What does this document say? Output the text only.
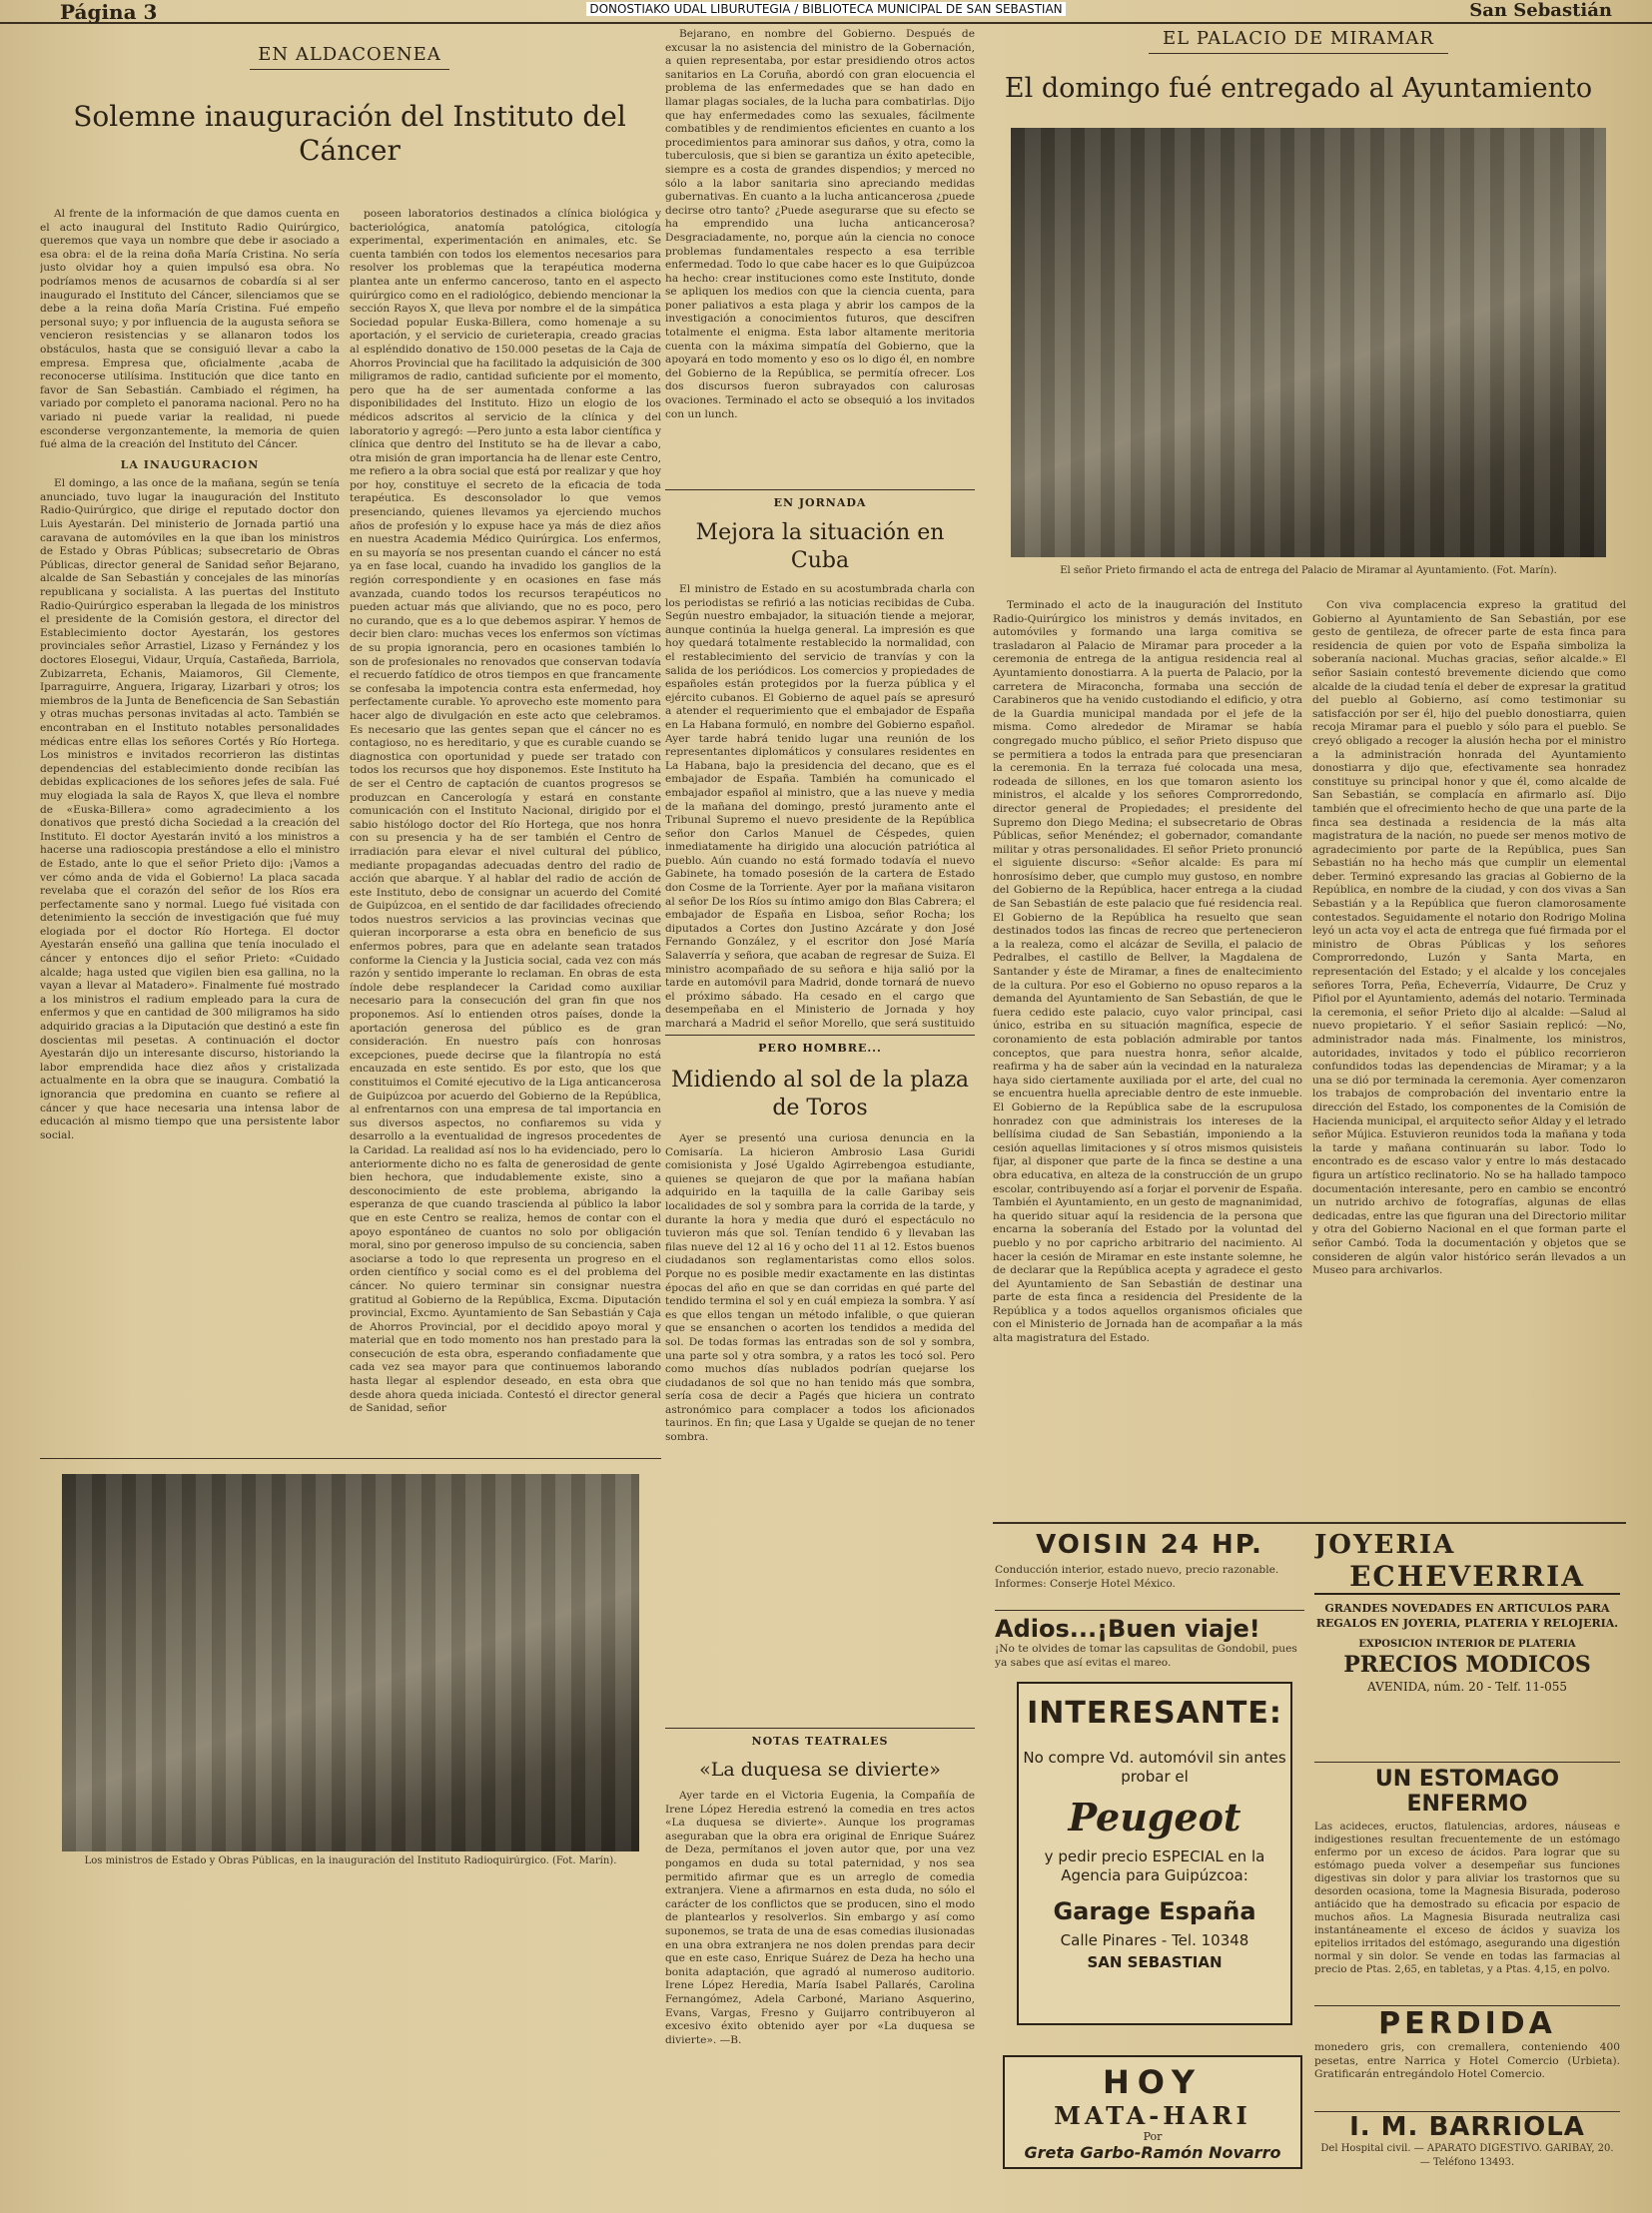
Página 3	DONOSTIAKO UDAL LIBURUTEGIA / BIBLIOTECA MUNICIPAL DE SAN SEBASTIAN	San Sebastián
EN ALDACOENEA
Solemne inauguración del Instituto del Cáncer

Al frente de la información de que damos cuenta en el acto inaugural del Instituto Radio Quirúrgico, queremos que vaya un nombre que debe ir asociado a esa obra: el de la reina doña María Cristina. No sería justo olvidar hoy a quien impulsó esa obra. No podríamos menos de acusarnos de cobardía si al ser inaugurado el Instituto del Cáncer, silenciamos que se debe a la reina doña María Cristina. Fué empeño personal suyo; y por influencia de la augusta señora se vencieron resistencias y se allanaron todos los obstáculos, hasta que se consiguió llevar a cabo la empresa. Empresa que, oficialmente ,acaba de reconocerse utilísima. Institución que dice tanto en favor de San Sebastián. Cambiado el régimen, ha variado por completo el panorama nacional. Pero no ha variado ni puede variar la realidad, ni puede esconderse vergonzantemente, la memoria de quien fué alma de la creación del Instituto del Cáncer.

LA INAUGURACION

El domingo, a las once de la mañana, según se tenía anunciado, tuvo lugar la inauguración del Instituto Radio-Quirúrgico, que dirige el reputado doctor don Luis Ayestarán. Del ministerio de Jornada partió una caravana de automóviles en la que iban los ministros de Estado y Obras Públicas; subsecretario de Obras Públicas, director general de Sanidad señor Bejarano, alcalde de San Sebastián y concejales de las minorías republicana y socialista. A las puertas del Instituto Radio-Quirúrgico esperaban la llegada de los ministros el presidente de la Comisión gestora, el director del Establecimiento doctor Ayestarán, los gestores provinciales señor Arrastiel, Lizaso y Fernández y los doctores Elosegui, Vidaur, Urquía, Castañeda, Barriola, Zubizarreta, Echanis, Maiamoros, Gil Clemente, Iparraguirre, Anguera, Irigaray, Lizarbari y otros; los miembros de la Junta de Beneficencia de San Sebastián y otras muchas personas invitadas al acto. También se encontraban en el Instituto notables personalidades médicas entre ellas los señores Cortés y Río Hortega. Los ministros e invitados recorrieron las distintas dependencias del establecimiento donde recibían las debidas explicaciones de los señores jefes de sala. Fué muy elogiada la sala de Rayos X, que lleva el nombre de «Euska-Billera» como agradecimiento a los donativos que prestó dicha Sociedad a la creación del Instituto. El doctor Ayestarán invitó a los ministros a hacerse una radioscopia prestándose a ello el ministro de Estado, ante lo que el señor Prieto dijo: ¡Vamos a ver cómo anda de vida el Gobierno! La placa sacada revelaba que el corazón del señor de los Ríos era perfectamente sano y normal. Luego fué visitada con detenimiento la sección de investigación que fué muy elogiada por el doctor Río Hortega. El doctor Ayestarán enseñó una gallina que tenía inoculado el cáncer y entonces dijo el señor Prieto: «Cuidado alcalde; haga usted que vigilen bien esa gallina, no la vayan a llevar al Matadero». Finalmente fué mostrado a los ministros el radium empleado para la cura de enfermos y que en cantidad de 300 miligramos ha sido adquirido gracias a la Diputación que destinó a este fin doscientas mil pesetas. A continuación el doctor Ayestarán dijo un interesante discurso, historiando la labor emprendida hace diez años y cristalizada actualmente en la obra que se inaugura. Combatió la ignorancia que predomina en cuanto se refiere al cáncer y que hace necesaria una intensa labor de educación al mismo tiempo que una persistente labor social.

poseen laboratorios destinados a clínica biológica y bacteriológica, anatomía patológica, citología experimental, experimentación en animales, etc. Se cuenta también con todos los elementos necesarios para resolver los problemas que la terapéutica moderna plantea ante un enfermo canceroso, tanto en el aspecto quirúrgico como en el radiológico, debiendo mencionar la sección Rayos X, que lleva por nombre el de la simpática Sociedad popular Euska-Billera, como homenaje a su aportación, y el servicio de curieterapia, creado gracias al espléndido donativo de 150.000 pesetas de la Caja de Ahorros Provincial que ha facilitado la adquisición de 300 miligramos de radio, cantidad suficiente por el momento, pero que ha de ser aumentada conforme a las disponibilidades del Instituto. Hizo un elogio de los médicos adscritos al servicio de la clínica y del laboratorio y agregó: —Pero junto a esta labor científica y clínica que dentro del Instituto se ha de llevar a cabo, otra misión de gran importancia ha de llenar este Centro, me refiero a la obra social que está por realizar y que hoy por hoy, constituye el secreto de la eficacia de toda terapéutica. Es desconsolador lo que vemos presenciando, quienes llevamos ya ejerciendo muchos años de profesión y lo expuse hace ya más de diez años en nuestra Academia Médico Quirúrgica. Los enfermos, en su mayoría se nos presentan cuando el cáncer no está ya en fase local, cuando ha invadido los ganglios de la región correspondiente y en ocasiones en fase más avanzada, cuando todos los recursos terapéuticos no pueden actuar más que aliviando, que no es poco, pero no curando, que es a lo que debemos aspirar. Y hemos de decir bien claro: muchas veces los enfermos son víctimas de su propia ignorancia, pero en ocasiones también lo son de profesionales no renovados que conservan todavía el recuerdo fatídico de otros tiempos en que francamente se confesaba la impotencia contra esta enfermedad, hoy perfectamente curable. Yo aprovecho este momento para hacer algo de divulgación en este acto que celebramos. Es necesario que las gentes sepan que el cáncer no es contagioso, no es hereditario, y que es curable cuando se diagnostica con oportunidad y puede ser tratado con todos los recursos que hoy disponemos. Este Instituto ha de ser el Centro de captación de cuantos progresos se produzcan en Cancerología y estará en constante comunicación con el Instituto Nacional, dirigido por el sabio histólogo doctor del Río Hortega, que nos honra con su presencia y ha de ser también el Centro de irradiación para elevar el nivel cultural del público, mediante propagandas adecuadas dentro del radio de acción que abarque. Y al hablar del radio de acción de este Instituto, debo de consignar un acuerdo del Comité de Guipúzcoa, en el sentido de dar facilidades ofreciendo todos nuestros servicios a las provincias vecinas que quieran incorporarse a esta obra en beneficio de sus enfermos pobres, para que en adelante sean tratados conforme la Ciencia y la Justicia social, cada vez con más razón y sentido imperante lo reclaman. En obras de esta índole debe resplandecer la Caridad como auxiliar necesario para la consecución del gran fin que nos proponemos. Así lo entienden otros países, donde la aportación generosa del público es de gran consideración. En nuestro país con honrosas excepciones, puede decirse que la filantropía no está encauzada en este sentido. Es por esto, que los que constituimos el Comité ejecutivo de la Liga anticancerosa de Guipúzcoa por acuerdo del Gobierno de la República, al enfrentarnos con una empresa de tal importancia en sus diversos aspectos, no confiaremos su vida y desarrollo a la eventualidad de ingresos procedentes de la Caridad. La realidad así nos lo ha evidenciado, pero lo anteriormente dicho no es falta de generosidad de gente bien hechora, que indudablemente existe, sino a desconocimiento de este problema, abrigando la esperanza de que cuando trascienda al público la labor que en este Centro se realiza, hemos de contar con el apoyo espontáneo de cuantos no solo por obligación moral, sino por generoso impulso de su conciencia, saben asociarse a todo lo que representa un progreso en el orden científico y social como es el del problema del cáncer. No quiero terminar sin consignar nuestra gratitud al Gobierno de la República, Excma. Diputación provincial, Excmo. Ayuntamiento de San Sebastián y Caja de Ahorros Provincial, por el decidido apoyo moral y material que en todo momento nos han prestado para la consecución de esta obra, esperando confiadamente que cada vez sea mayor para que continuemos laborando hasta llegar al esplendor deseado, en esta obra que desde ahora queda iniciada. Contestó el director general de Sanidad, señor

Los ministros de Estado y Obras Públicas, en la inauguración del Instituto Radioquirúrgico. (Fot. Marín).

Bejarano, en nombre del Gobierno. Después de excusar la no asistencia del ministro de la Gobernación, a quien representaba, por estar presidiendo otros actos sanitarios en La Coruña, abordó con gran elocuencia el problema de las enfermedades que se han dado en llamar plagas sociales, de la lucha para combatirlas. Dijo que hay enfermedades como las sexuales, fácilmente combatibles y de rendimientos eficientes en cuanto a los procedimientos para aminorar sus daños, y otra, como la tuberculosis, que si bien se garantiza un éxito apetecible, siempre es a costa de grandes dispendios; y merced no sólo a la labor sanitaria sino apreciando medidas gubernativas. En cuanto a la lucha anticancerosa ¿puede decirse otro tanto? ¿Puede asegurarse que su efecto se ha emprendido una lucha anticancerosa? Desgraciadamente, no, porque aún la ciencia no conoce problemas fundamentales respecto a esa terrible enfermedad. Todo lo que cabe hacer es lo que Guipúzcoa ha hecho: crear instituciones como este Instituto, donde se apliquen los medios con que la ciencia cuenta, para poner paliativos a esta plaga y abrir los campos de la investigación a conocimientos futuros, que descifren totalmente el enigma. Esta labor altamente meritoria cuenta con la máxima simpatía del Gobierno, que la apoyará en todo momento y eso os lo digo él, en nombre del Gobierno de la República, se permitía ofrecer. Los dos discursos fueron subrayados con calurosas ovaciones. Terminado el acto se obsequió a los invitados con un lunch.

EN JORNADA
Mejora la situación en Cuba

El ministro de Estado en su acostumbrada charla con los periodistas se refirió a las noticias recibidas de Cuba. Según nuestro embajador, la situación tiende a mejorar, aunque continúa la huelga general. La impresión es que hoy quedará totalmente restablecido la normalidad, con el restablecimiento del servicio de tranvías y con la salida de los periódicos. Los comercios y propiedades de españoles están protegidos por la fuerza pública y el ejército cubanos. El Gobierno de aquel país se apresuró a atender el requerimiento que el embajador de España en La Habana formuló, en nombre del Gobierno español. Ayer tarde habrá tenido lugar una reunión de los representantes diplomáticos y consulares residentes en La Habana, bajo la presidencia del decano, que es el embajador de España. También ha comunicado el embajador español al ministro, que a las nueve y media de la mañana del domingo, prestó juramento ante el Tribunal Supremo el nuevo presidente de la República señor don Carlos Manuel de Céspedes, quien inmediatamente ha dirigido una alocución patriótica al pueblo. Aún cuando no está formado todavía el nuevo Gabinete, ha tomado posesión de la cartera de Estado don Cosme de la Torriente. Ayer por la mañana visitaron al señor De los Ríos su íntimo amigo don Blas Cabrera; el embajador de España en Lisboa, señor Rocha; los diputados a Cortes don Justino Azcárate y don José Fernando González, y el escritor don José María Salaverría y señora, que acaban de regresar de Suiza. El ministro acompañado de su señora e hija salió por la tarde en automóvil para Madrid, donde tornará de nuevo el próximo sábado. Ha cesado en el cargo que desempeñaba en el Ministerio de Jornada y hoy marchará a Madrid el señor Morello, que será sustituido

PERO HOMBRE...
Midiendo al sol de la plaza de Toros

Ayer se presentó una curiosa denuncia en la Comisaría. La hicieron Ambrosio Lasa Guridi comisionista y José Ugaldo Agirrebengoa estudiante, quienes se quejaron de que por la mañana habían adquirido en la taquilla de la calle Garibay seis localidades de sol y sombra para la corrida de la tarde, y durante la hora y media que duró el espectáculo no tuvieron más que sol. Tenían tendido 6 y llevaban las filas nueve del 12 al 16 y ocho del 11 al 12. Estos buenos ciudadanos son reglamentaristas como ellos solos. Porque no es posible medir exactamente en las distintas épocas del año en que se dan corridas en qué parte del tendido termina el sol y en cuál empieza la sombra. Y así es que ellos tengan un método infalible, o que quieran que se ensanchen o acorten los tendidos a medida del sol. De todas formas las entradas son de sol y sombra, una parte sol y otra sombra, y a ratos les tocó sol. Pero como muchos días nublados podrían quejarse los ciudadanos de sol que no han tenido más que sombra, sería cosa de decir a Pagés que hiciera un contrato astronómico para complacer a todos los aficionados taurinos. En fin; que Lasa y Ugalde se quejan de no tener sombra.

NOTAS TEATRALES
«La duquesa se divierte»

Ayer tarde en el Victoria Eugenia, la Compañía de Irene López Heredia estrenó la comedia en tres actos «La duquesa se divierte». Aunque los programas aseguraban que la obra era original de Enrique Suárez de Deza, permítanos el joven autor que, por una vez pongamos en duda su total paternidad, y nos sea permitido afirmar que es un arreglo de comedia extranjera. Viene a afirmarnos en esta duda, no sólo el carácter de los conflictos que se producen, sino el modo de plantearlos y resolverlos. Sin embargo y así como suponemos, se trata de una de esas comedias ilusionadas en una obra extranjera ne nos dolen prendas para decir que en este caso, Enrique Suárez de Deza ha hecho una bonita adaptación, que agradó al numeroso auditorio. Irene López Heredia, María Isabel Pallarés, Carolina Fernangómez, Adela Carboné, Mariano Asquerino, Evans, Vargas, Fresno y Guijarro contribuyeron al excesivo éxito obtenido ayer por «La duquesa se divierte». —B.

EL PALACIO DE MIRAMAR
El domingo fué entregado al Ayuntamiento
El señor Prieto firmando el acta de entrega del Palacio de Miramar al Ayuntamiento. (Fot. Marín).

Terminado el acto de la inauguración del Instituto Radio-Quirúrgico los ministros y demás invitados, en automóviles y formando una larga comitiva se trasladaron al Palacio de Miramar para proceder a la ceremonia de entrega de la antigua residencia real al Ayuntamiento donostiarra. A la puerta de Palacio, por la carretera de Miraconcha, formaba una sección de Carabineros que ha venido custodiando el edificio, y otra de la Guardia municipal mandada por el jefe de la misma. Como alrededor de Miramar se había congregado mucho público, el señor Prieto dispuso que se permitiera a todos la entrada para que presenciaran la ceremonia. En la terraza fué colocada una mesa, rodeada de sillones, en los que tomaron asiento los ministros, el alcalde y los señores Comprorredondo, director general de Propiedades; el presidente del Supremo don Diego Medina; el subsecretario de Obras Públicas, señor Menéndez; el gobernador, comandante militar y otras personalidades. El señor Prieto pronunció el siguiente discurso: «Señor alcalde: Es para mí honrosísimo deber, que cumplo muy gustoso, en nombre del Gobierno de la República, hacer entrega a la ciudad de San Sebastián de este palacio que fué residencia real. El Gobierno de la República ha resuelto que sean destinados todos las fincas de recreo que pertenecieron a la realeza, como el alcázar de Sevilla, el palacio de Pedralbes, el castillo de Bellver, la Magdalena de Santander y éste de Miramar, a fines de enaltecimiento de la cultura. Por eso el Gobierno no opuso reparos a la demanda del Ayuntamiento de San Sebastián, de que le fuera cedido este palacio, cuyo valor principal, casi único, estriba en su situación magnífica, especie de coronamiento de esta población admirable por tantos conceptos, que para nuestra honra, señor alcalde, reafirma y ha de saber aún la vecindad en la naturaleza haya sido ciertamente auxiliada por el arte, del cual no se encuentra huella apreciable dentro de este inmueble. El Gobierno de la República sabe de la escrupulosa honradez con que administrais los intereses de la bellísima ciudad de San Sebastián, imponiendo a la cesión aquellas limitaciones y sí otros mismos quisisteis fijar, al disponer que parte de la finca se destine a una obra educativa, en alteza de la construcción de un grupo escolar, contribuyendo así a forjar el porvenir de España. También el Ayuntamiento, en un gesto de magnanimidad, ha querido situar aquí la residencia de la persona que encarna la soberanía del Estado por la voluntad del pueblo y no por capricho arbitrario del nacimiento. Al hacer la cesión de Miramar en este instante solemne, he de declarar que la República acepta y agradece el gesto del Ayuntamiento de San Sebastián de destinar una parte de esta finca a residencia del Presidente de la República y a todos aquellos organismos oficiales que con el Ministerio de Jornada han de acompañar a la más alta magistratura del Estado.

Con viva complacencia expreso la gratitud del Gobierno al Ayuntamiento de San Sebastián, por ese gesto de gentileza, de ofrecer parte de esta finca para residencia de quien por voto de España simboliza la soberanía nacional. Muchas gracias, señor alcalde.» El señor Sasiain contestó brevemente diciendo que como alcalde de la ciudad tenía el deber de expresar la gratitud del pueblo al Gobierno, así como testimoniar su satisfacción por ser él, hijo del pueblo donostiarra, quien recoja Miramar para el pueblo y sólo para el pueblo. Se creyó obligado a recoger la alusión hecha por el ministro a la administración honrada del Ayuntamiento donostiarra y dijo que, efectivamente sea honradez constituye su principal honor y que él, como alcalde de San Sebastián, se complacía en afirmarlo así. Dijo también que el ofrecimiento hecho de que una parte de la finca sea destinada a residencia de la más alta magistratura de la nación, no puede ser menos motivo de agradecimiento por parte de la República, pues San Sebastián no ha hecho más que cumplir un elemental deber. Terminó expresando las gracias al Gobierno de la República, en nombre de la ciudad, y con dos vivas a San Sebastián y a la República que fueron clamorosamente contestados. Seguidamente el notario don Rodrigo Molina leyó un acta voy el acta de entrega que fué firmada por el ministro de Obras Públicas y los señores Comprorredondo, Luzón y Santa Marta, en representación del Estado; y el alcalde y los concejales señores Torra, Peña, Echeverría, Vidaurre, De Cruz y Pifiol por el Ayuntamiento, además del notario. Terminada la ceremonia, el señor Prieto dijo al alcalde: —Salud al nuevo propietario. Y el señor Sasiain replicó: —No, administrador nada más. Finalmente, los ministros, autoridades, invitados y todo el público recorrieron confundidos todas las dependencias de Miramar; y a la una se dió por terminada la ceremonia. Ayer comenzaron los trabajos de comprobación del inventario entre la dirección del Estado, los componentes de la Comisión de Hacienda municipal, el arquitecto señor Alday y el letrado señor Mújica. Estuvieron reunidos toda la mañana y toda la tarde y mañana continuarán su labor. Todo lo encontrado es de escaso valor y entre lo más destacado figura un artístico reclinatorio. No se ha hallado tampoco documentación interesante, pero en cambio se encontró un nutrido archivo de fotografías, algunas de ellas dedicadas, entre las que figuran una del Directorio militar y otra del Gobierno Nacional en el que forman parte el señor Cambó. Toda la documentación y objetos que se consideren de algún valor histórico serán llevados a un Museo para archivarlos.

VOISIN 24 HP.
Conducción interior, estado nuevo, precio razonable. Informes: Conserje Hotel México.
Adios...¡Buen viaje!
¡No te olvides de tomar las capsulitas de Gondobil, pues ya sabes que así evitas el mareo.
INTERESANTE:
No compre Vd. automóvil sin antes probar el
Peugeot
y pedir precio ESPECIAL en la Agencia para Guipúzcoa:
Garage España
Calle Pinares - Tel. 10348
SAN SEBASTIAN
HOY
MATA-HARI
Por
Greta Garbo-Ramón Novarro
JOYERIA
ECHEVERRIA
GRANDES NOVEDADES EN ARTICULOS PARA REGALOS EN JOYERIA, PLATERIA Y RELOJERIA.
EXPOSICION INTERIOR DE PLATERIA
PRECIOS MODICOS
AVENIDA, núm. 20 - Telf. 11-055
UN ESTOMAGO ENFERMO
Las acideces, eructos, flatulencias, ardores, náuseas e indigestiones resultan frecuentemente de un estómago enfermo por un exceso de ácidos. Para lograr que su estómago pueda volver a desempeñar sus funciones digestivas sin dolor y para aliviar los trastornos que su desorden ocasiona, tome la Magnesia Bisurada, poderoso antiácido que ha demostrado su eficacia por espacio de muchos años. La Magnesia Bisurada neutraliza casi instantáneamente el exceso de ácidos y suaviza los epitelios irritados del estómago, asegurando una digestión normal y sin dolor. Se vende en todas las farmacias al precio de Ptas. 2,65, en tabletas, y a Ptas. 4,15, en polvo.
PERDIDA
monedero gris, con cremallera, conteniendo 400 pesetas, entre Narrica y Hotel Comercio (Urbieta). Gratificarán entregándolo Hotel Comercio.
I. M. BARRIOLA
Del Hospital civil. — APARATO DIGESTIVO. GARIBAY, 20. — Teléfono 13493.
